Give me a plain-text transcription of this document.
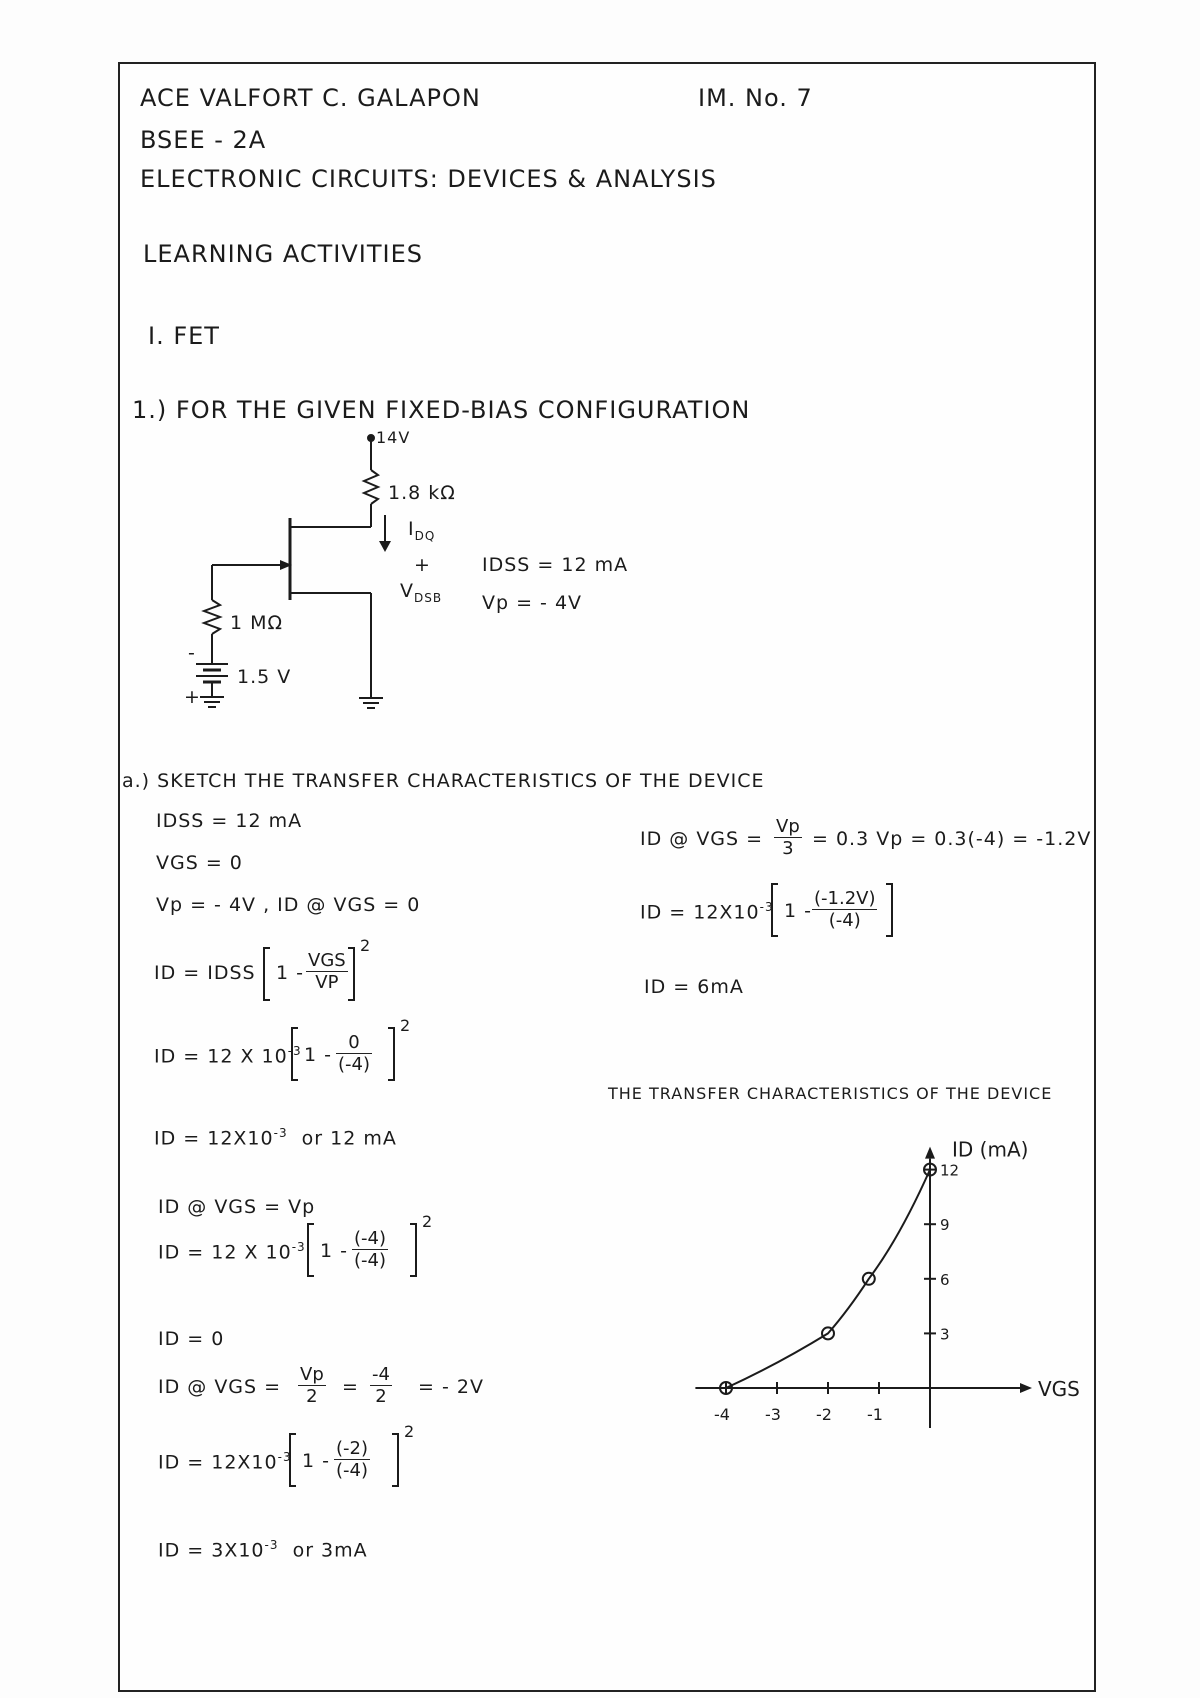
ACE VALFORT C. GALAPON
BSEE - 2A
ELECTRONIC CIRCUITS: DEVICES & ANALYSIS
IM. No. 7
LEARNING ACTIVITIES
I. FET
1.) FOR THE GIVEN FIXED-BIAS CONFIGURATION
14V
1.8 kΩ
$I_{DQ}$
+
$V_{DSB}$
1 MΩ
1.5 V
-
+
IDSS = 12 mA
Vp = - 4V
a.) SKETCH THE TRANSFER CHARACTERISTICS OF THE DEVICE
IDSS = 12 mA
VGS = 0
Vp = - 4V , ID @ VGS = 0
ID = IDSS 1 -
VGS
VP
2
ID = 12 X $10^{-3}$ $1 - \frac{0}{(-4)}$
2
ID = $12X10^{-3}$ or 12 mA
ID @ VGS = Vp
ID = 12 X $10^{-3}$ $1 - \frac{(-4)}{(-4)}$
2
ID = 0
ID @ VGS = $\frac{Vp}{2} = \frac{-4}{2}$ = - 2V
ID = $12X10^{-3}$ $1 - \frac{(-2)}{(-4)}$
2
ID = $3X10^{-3}$ or 3mA
ID @ VGS = $\frac{Vp}{3} = 0.3$ Vp = 0.3(-4) = -1.2V
ID = $12X10^{-3}$ $1 - \frac{(-1.2V)}{(-4)}$
ID = 6mA
THE TRANSFER CHARACTERISTICS OF THE DEVICE
VGS
ID (mA)
-4 -3 -2 -1
3
6
9
12
